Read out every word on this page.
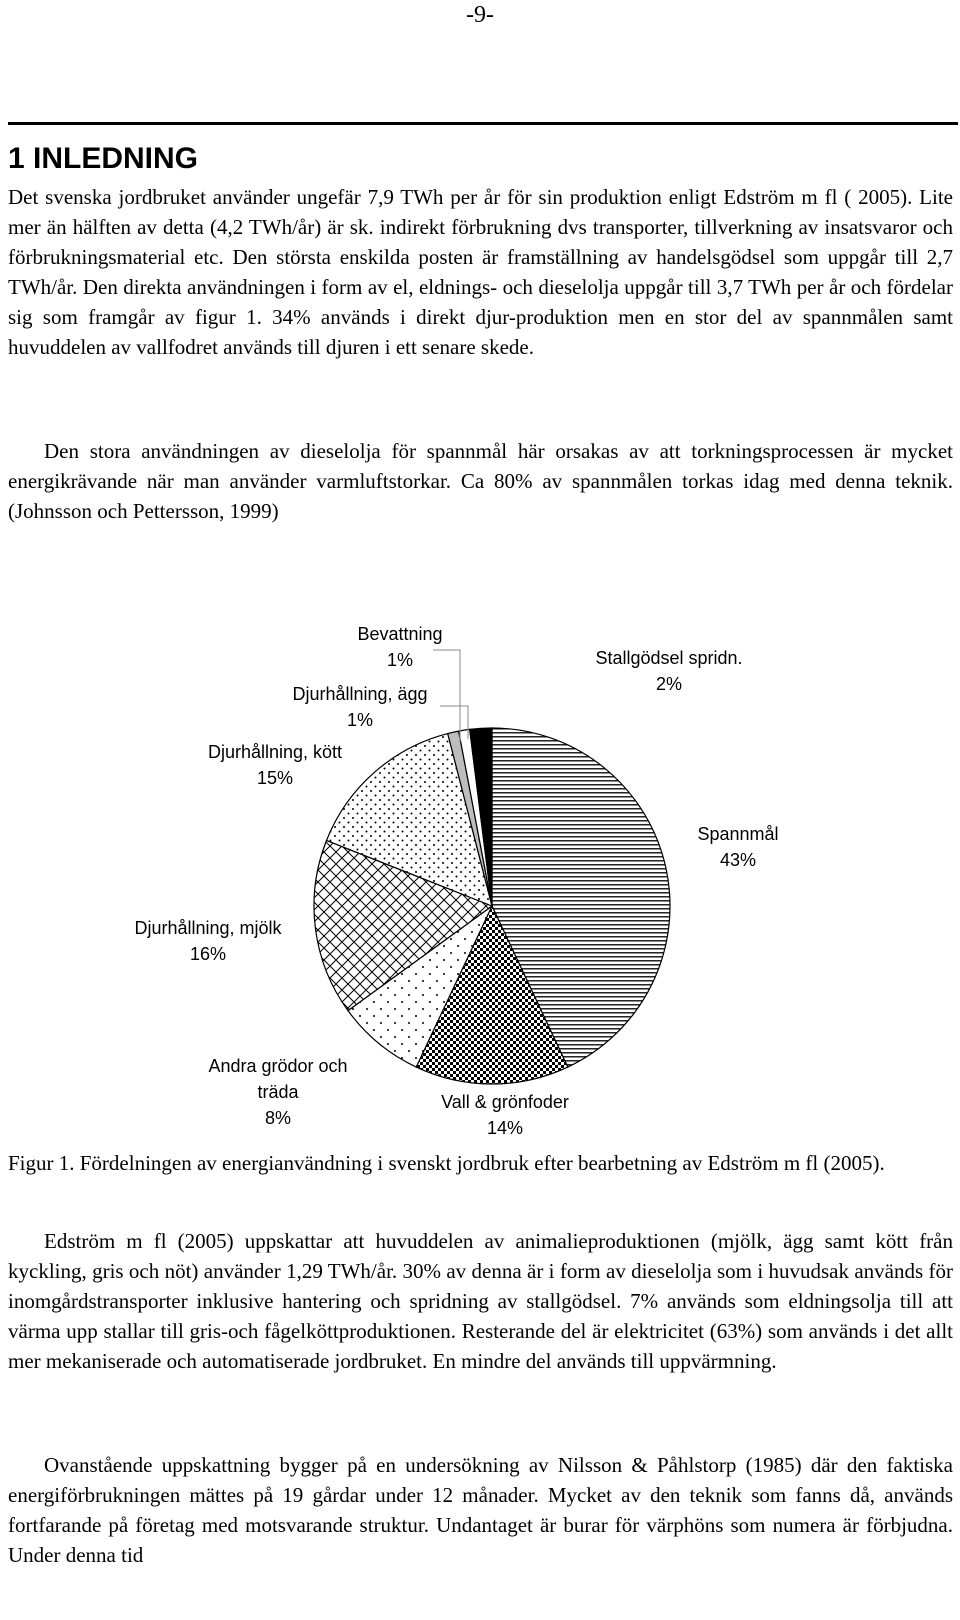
-9-
1 INLEDNING

Det svenska jordbruket använder ungefär 7,9 TWh per år för sin produktion enligt Edström m fl ( 2005). Lite mer än hälften av detta (4,2 TWh/år) är sk. indirekt förbrukning dvs transporter, tillverkning av insatsvaror och förbrukningsmaterial etc. Den största enskilda posten är framställning av handelsgödsel som uppgår till 2,7 TWh/år. Den direkta användningen i form av el, eldnings- och dieselolja uppgår till 3,7 TWh per år och fördelar sig som framgår av figur 1. 34% används i direkt djur-produktion men en stor del av spannmålen samt huvuddelen av vallfodret används till djuren i ett senare skede.

Den stora användningen av dieselolja för spannmål här orsakas av att torkningsprocessen är mycket energikrävande när man använder varmluftstorkar. Ca 80% av spannmålen torkas idag med denna teknik. (Johnsson och Pettersson, 1999)

Spannmål
43%
Vall & grönfoder
14%
Andra grödor och
träda
8%
Djurhållning, mjölk
16%
Djurhållning, kött
15%
Bevattning
1%
Djurhållning, ägg
1%
Stallgödsel spridn.
2%

Figur 1. Fördelningen av energianvändning i svenskt jordbruk efter bearbetning av Edström m fl (2005).

Edström m fl (2005) uppskattar att huvuddelen av animalieproduktionen (mjölk, ägg samt kött från kyckling, gris och nöt) använder 1,29 TWh/år. 30% av denna är i form av dieselolja som i huvudsak används för inomgårdstransporter inklusive hantering och spridning av stallgödsel. 7% används som eldningsolja till att värma upp stallar till gris-och fågelköttproduktionen. Resterande del är elektricitet (63%) som används i det allt mer mekaniserade och automatiserade jordbruket. En mindre del används till uppvärmning.

Ovanstående uppskattning bygger på en undersökning av Nilsson & Påhlstorp (1985) där den faktiska energiförbrukningen mättes på 19 gårdar under 12 månader. Mycket av den teknik som fanns då, används fortfarande på företag med motsvarande struktur. Undantaget är burar för värphöns som numera är förbjudna. Under denna tid
